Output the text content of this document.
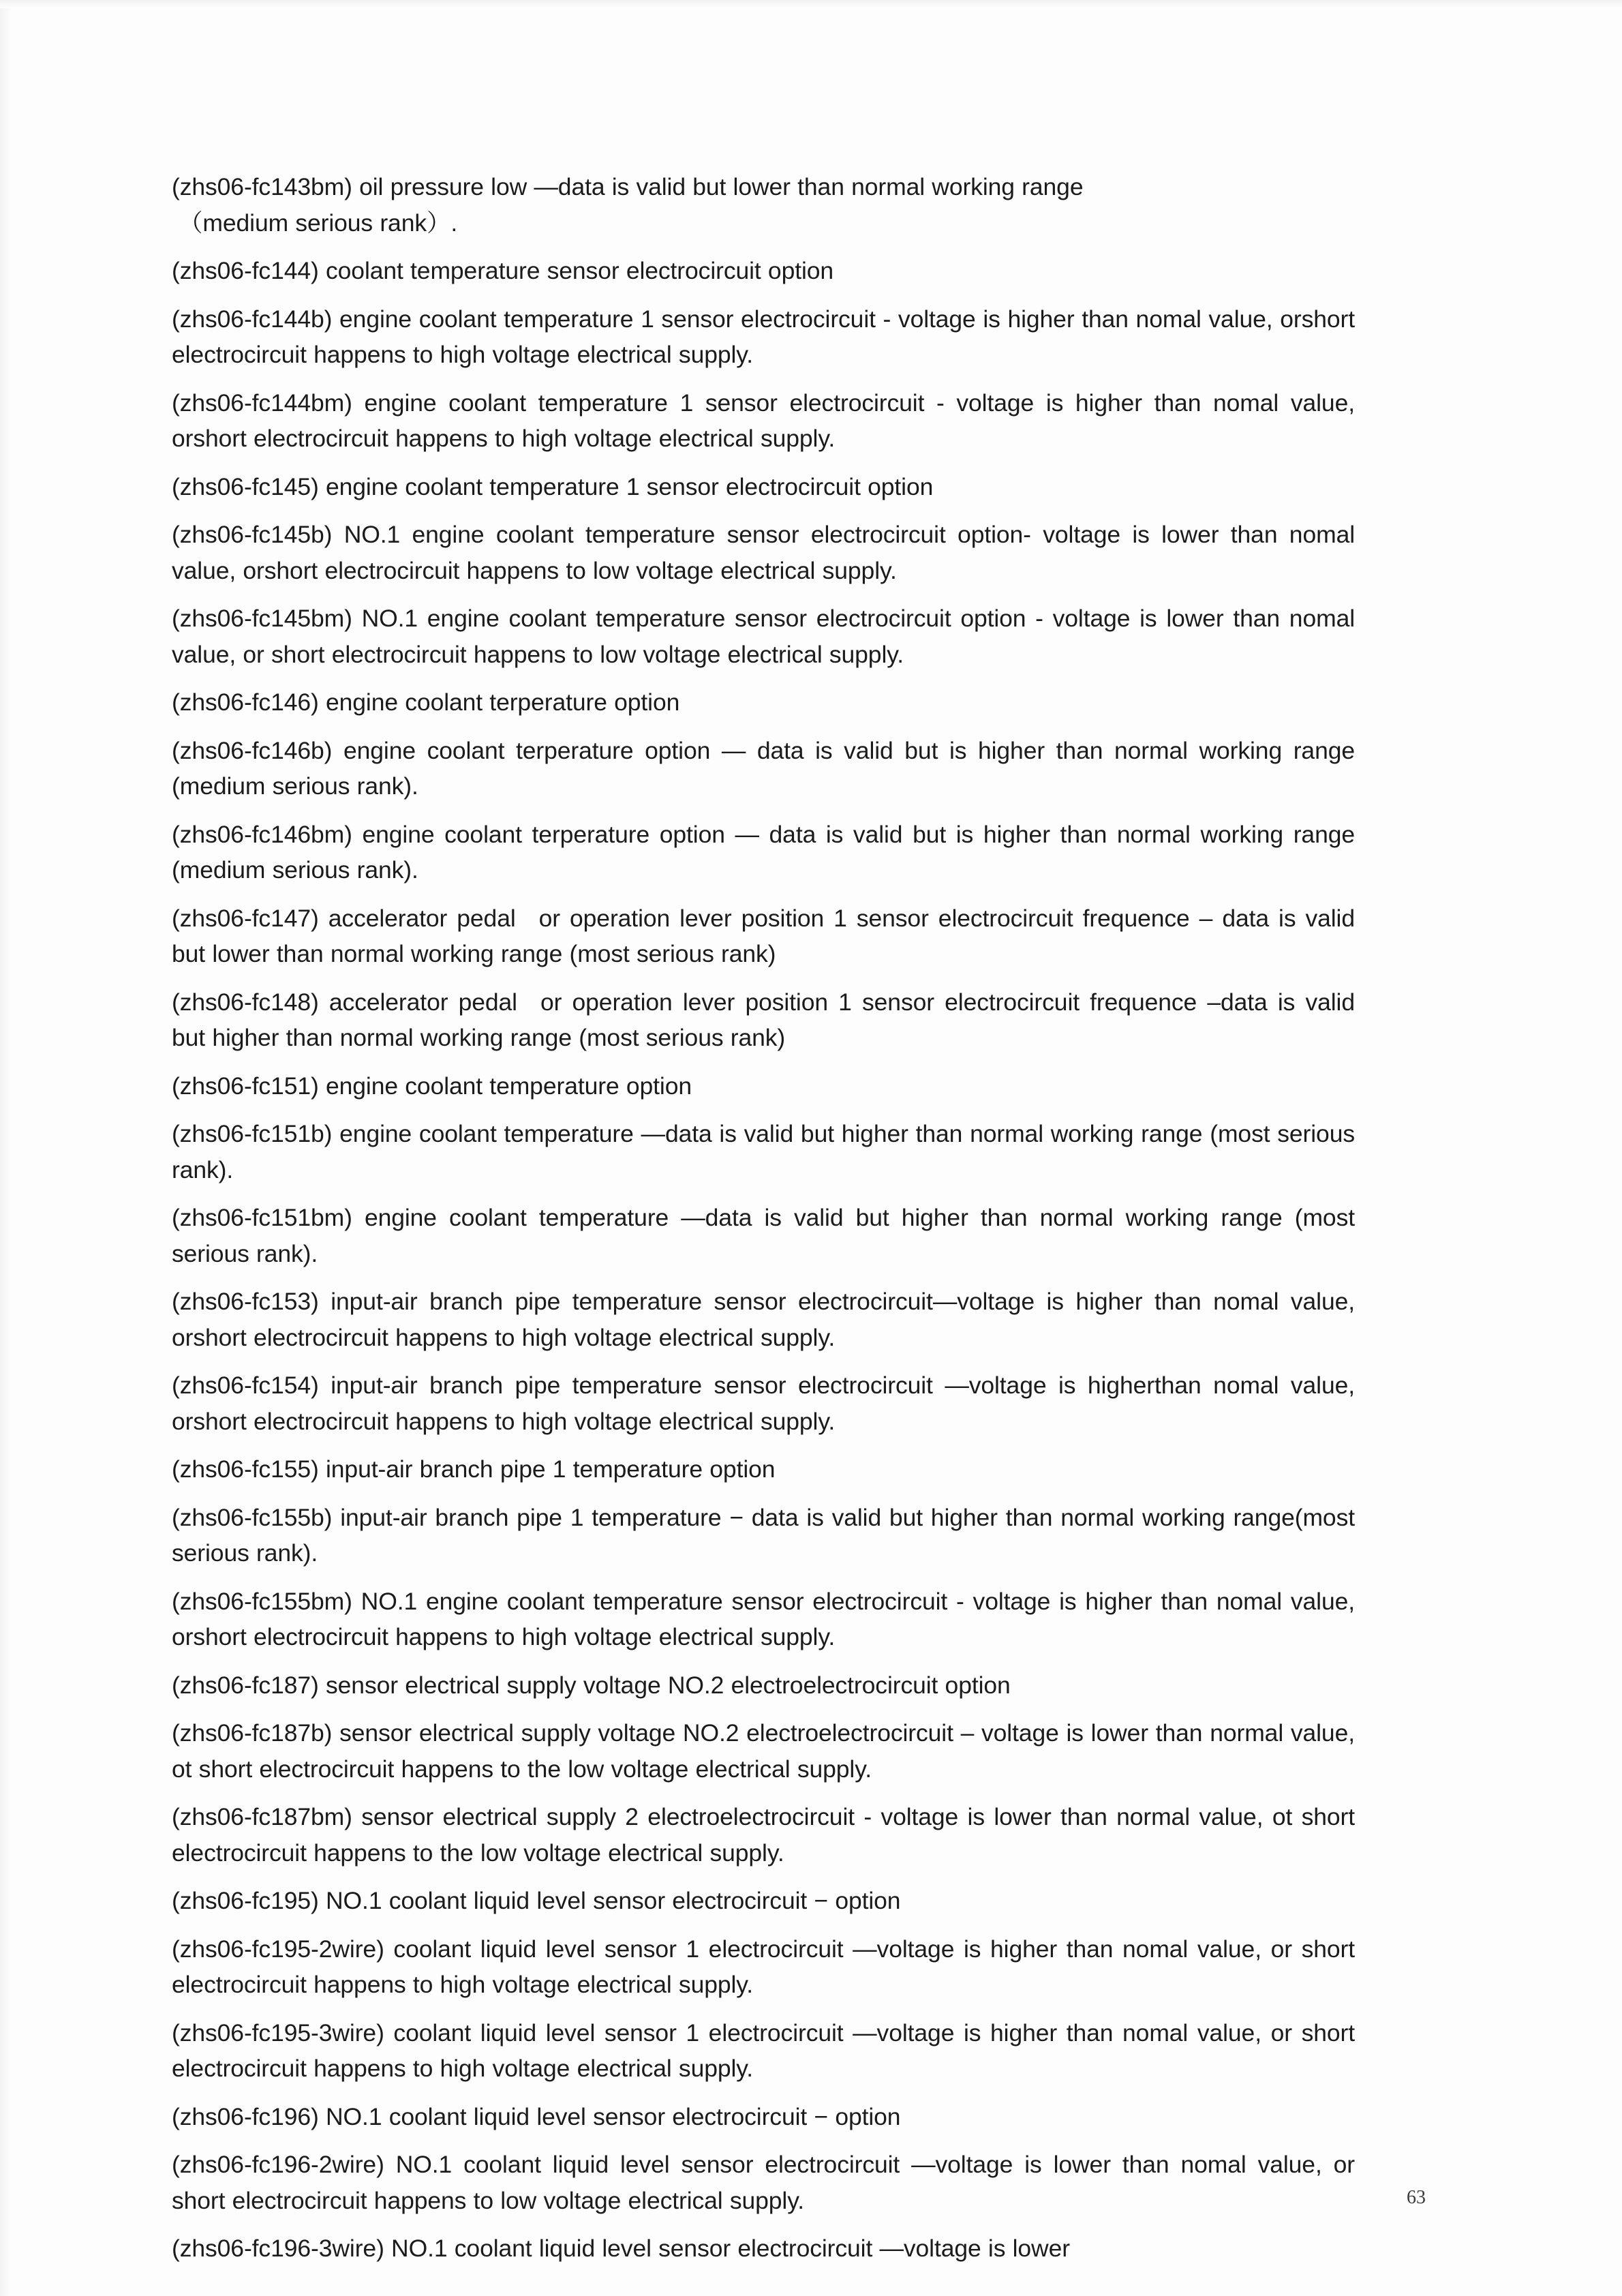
(zhs06-fc143bm) oil pressure low —data is valid but lower than normal working range
（medium serious rank）.

(zhs06-fc144) coolant temperature sensor electrocircuit option

(zhs06-fc144b) engine coolant temperature 1 sensor electrocircuit - voltage is higher than nomal value, orshort electrocircuit happens to high voltage electrical supply.

(zhs06-fc144bm) engine coolant temperature 1 sensor electrocircuit - voltage is higher than nomal value, orshort electrocircuit happens to high voltage electrical supply.

(zhs06-fc145) engine coolant temperature 1 sensor electrocircuit option

(zhs06-fc145b) NO.1 engine coolant temperature sensor electrocircuit option- voltage is lower than nomal value, orshort electrocircuit happens to low voltage electrical supply.

(zhs06-fc145bm) NO.1 engine coolant temperature sensor electrocircuit option - voltage is lower than nomal value, or short electrocircuit happens to low voltage electrical supply.

(zhs06-fc146) engine coolant terperature option

(zhs06-fc146b) engine coolant terperature option — data is valid but is higher than normal working range (medium serious rank).

(zhs06-fc146bm) engine coolant terperature option — data is valid but is higher than normal working range (medium serious rank).

(zhs06-fc147) accelerator pedal or operation lever position 1 sensor electrocircuit frequence – data is valid but lower than normal working range (most serious rank)

(zhs06-fc148) accelerator pedal or operation lever position 1 sensor electrocircuit frequence –data is valid but higher than normal working range (most serious rank)

(zhs06-fc151) engine coolant temperature option

(zhs06-fc151b) engine coolant temperature —data is valid but higher than normal working range (most serious rank).

(zhs06-fc151bm) engine coolant temperature —data is valid but higher than normal working range (most serious rank).

(zhs06-fc153) input-air branch pipe temperature sensor electrocircuit—voltage is higher than nomal value, orshort electrocircuit happens to high voltage electrical supply.

(zhs06-fc154) input-air branch pipe temperature sensor electrocircuit —voltage is higherthan nomal value, orshort electrocircuit happens to high voltage electrical supply.

(zhs06-fc155) input-air branch pipe 1 temperature option

(zhs06-fc155b) input-air branch pipe 1 temperature − data is valid but higher than normal working range(most serious rank).

(zhs06-fc155bm) NO.1 engine coolant temperature sensor electrocircuit - voltage is higher than nomal value, orshort electrocircuit happens to high voltage electrical supply.

(zhs06-fc187) sensor electrical supply voltage NO.2 electroelectrocircuit option

(zhs06-fc187b) sensor electrical supply voltage NO.2 electroelectrocircuit – voltage is lower than normal value, ot short electrocircuit happens to the low voltage electrical supply.

(zhs06-fc187bm) sensor electrical supply 2 electroelectrocircuit - voltage is lower than normal value, ot short electrocircuit happens to the low voltage electrical supply.

(zhs06-fc195) NO.1 coolant liquid level sensor electrocircuit − option

(zhs06-fc195-2wire) coolant liquid level sensor 1 electrocircuit —voltage is higher than nomal value, or short electrocircuit happens to high voltage electrical supply.

(zhs06-fc195-3wire) coolant liquid level sensor 1 electrocircuit —voltage is higher than nomal value, or short electrocircuit happens to high voltage electrical supply.

(zhs06-fc196) NO.1 coolant liquid level sensor electrocircuit − option

(zhs06-fc196-2wire) NO.1 coolant liquid level sensor electrocircuit —voltage is lower than nomal value, or short electrocircuit happens to low voltage electrical supply.

(zhs06-fc196-3wire) NO.1 coolant liquid level sensor electrocircuit —voltage is lower

63
